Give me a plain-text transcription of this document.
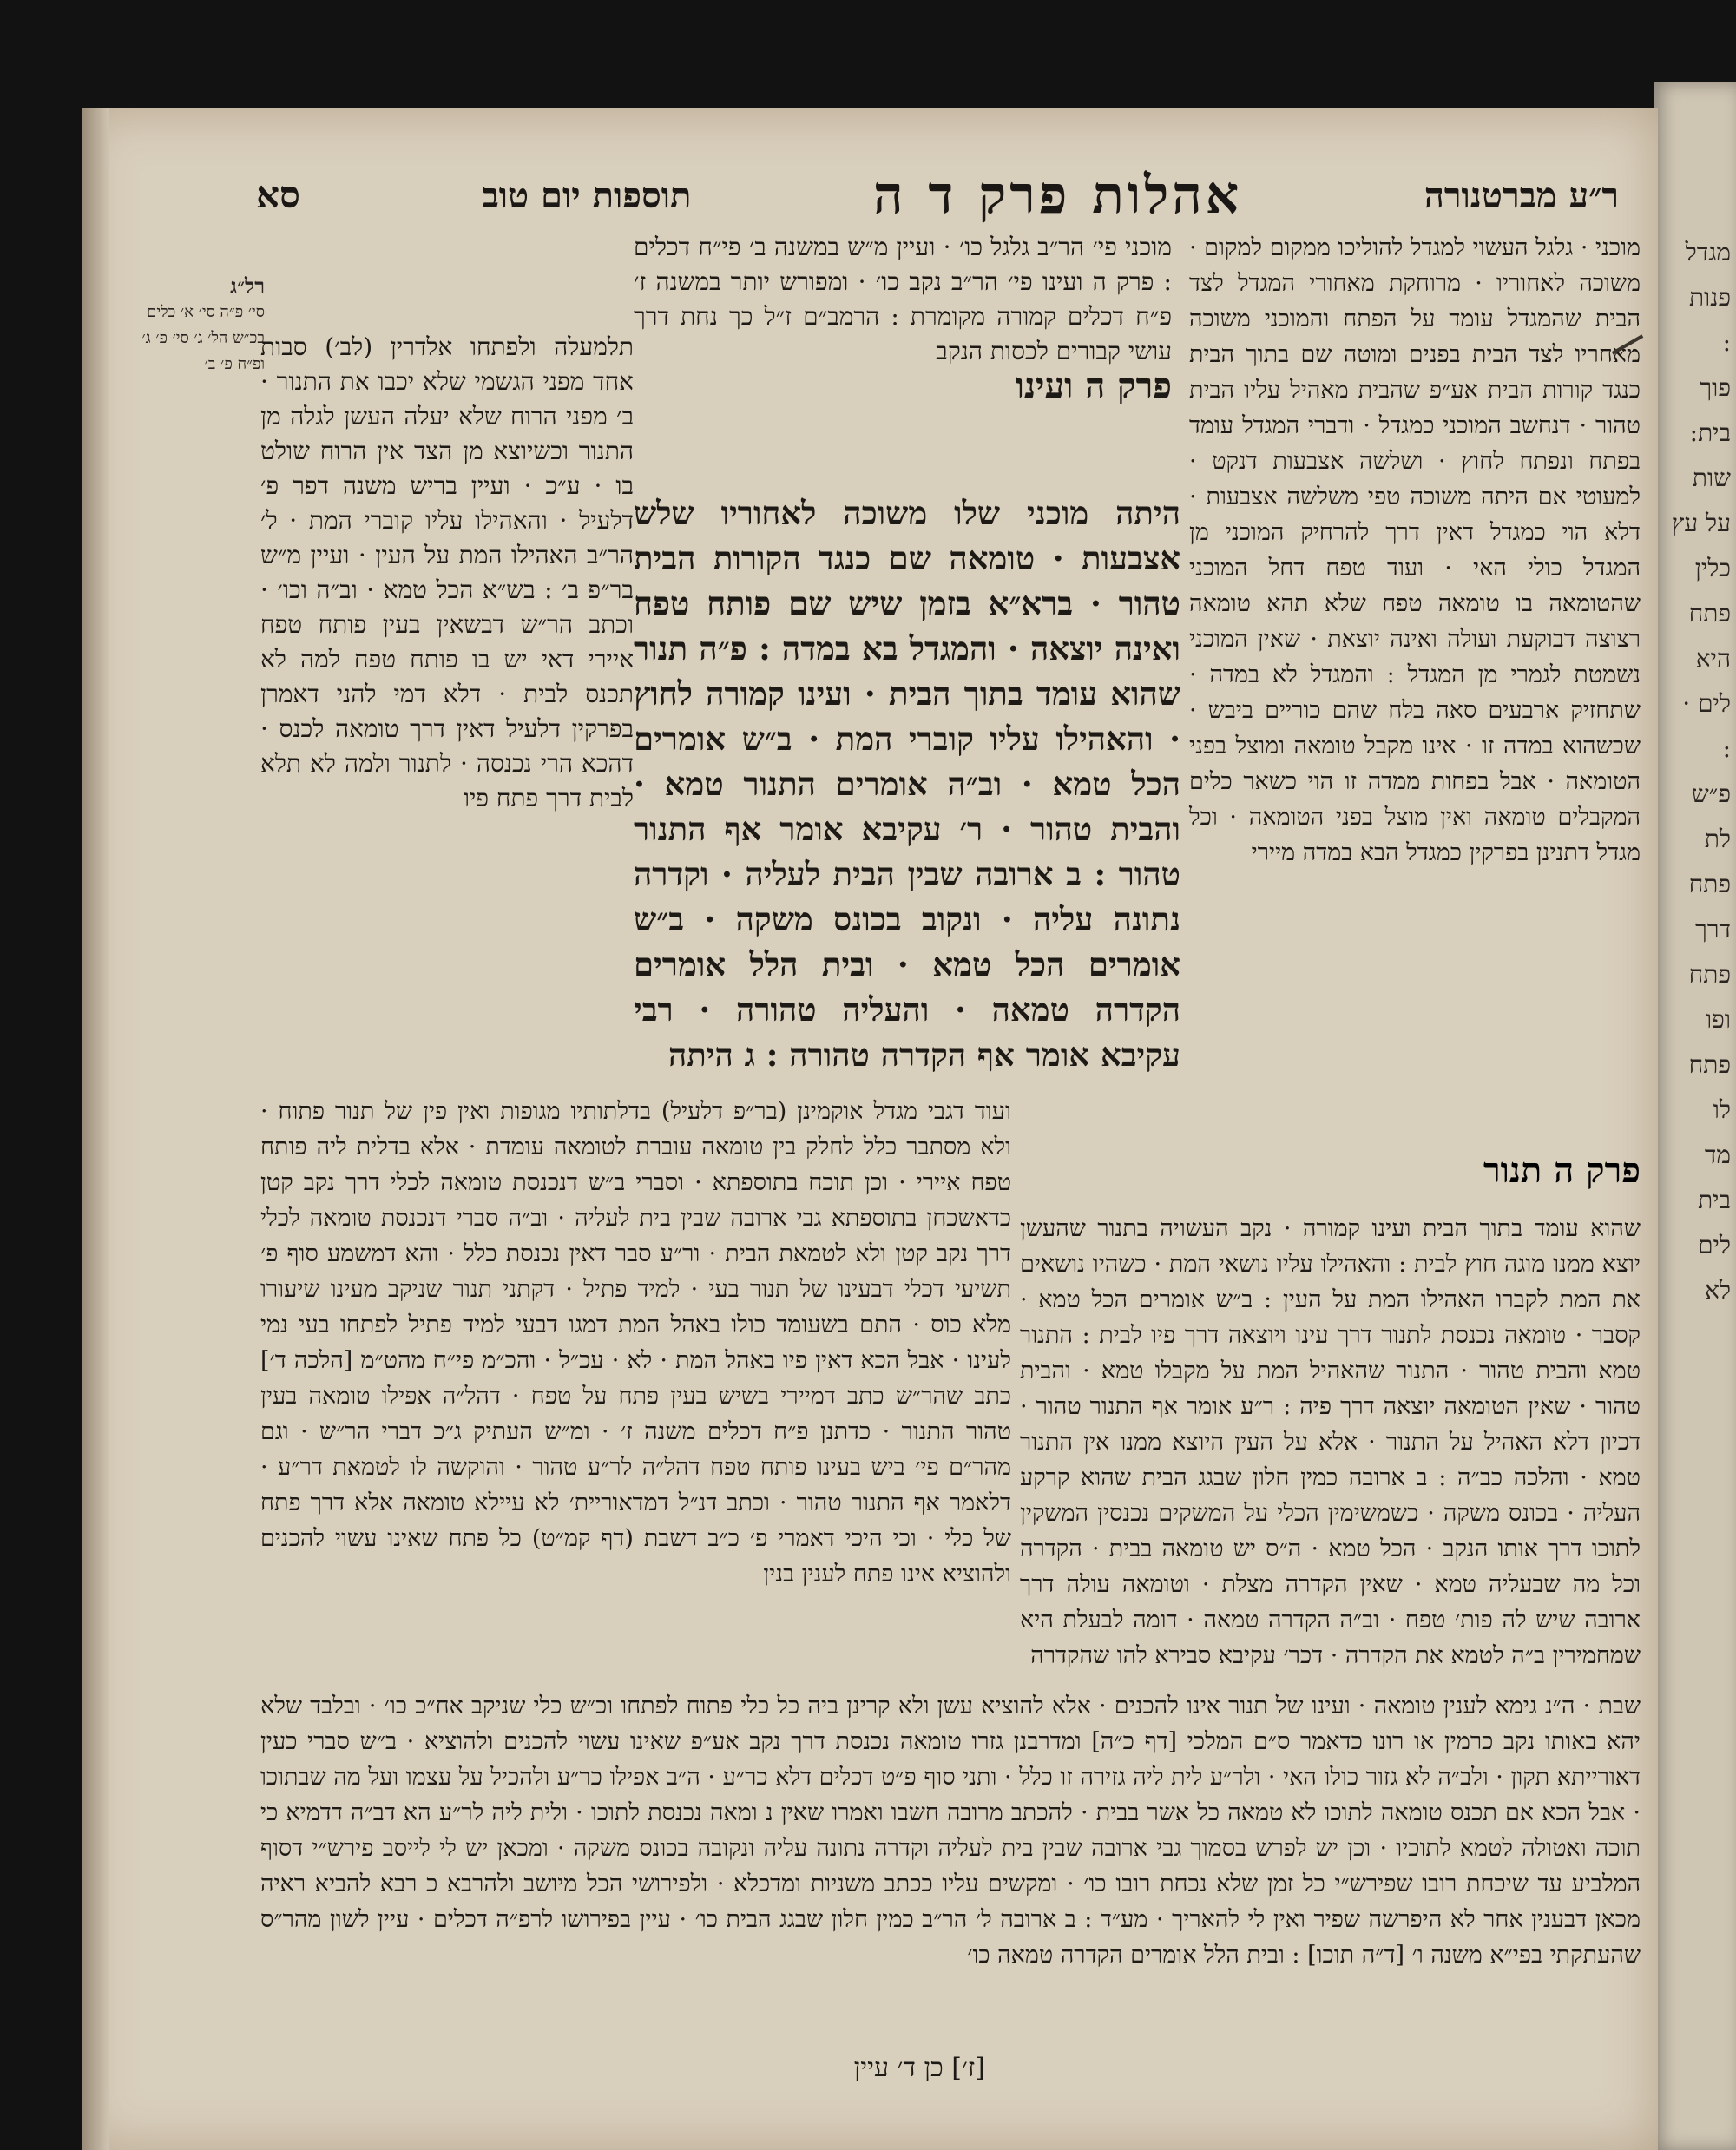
מגדל
פנות
:
פוך
בית:
שות
על עץ
כלין
פתח
היא
לים ·
:
פ״ש
לת
פתח
דרך
פתח
ופו
פתח
לו
מד
בית
לים
לא
ר״ע מברטנורה
אהלות פרק ד ה
תוספות יום טוב
סא

רל״ג

סי׳ פ״ה סי׳ א׳ כלים בכ״ש הל׳ ג׳ סי׳ פ׳ ג׳ ופ״ח פ׳ ב׳

מוכני · גלגל העשוי למגדל להוליכו ממקום למקום · משוכה לאחוריו · מרוחקת מאחורי המגדל לצד הבית שהמגדל עומד על הפתח והמוכני משוכה מאחריו לצד הבית בפנים ומוטה שם בתוך הבית כנגד קורות הבית אע״פ שהבית מאהיל עליו הבית טהור · דנחשב המוכני כמגדל · ודברי המגדל עומד בפתח ונפתח לחוץ · ושלשה אצבעות דנקט · למעוטי אם היתה משוכה טפי משלשה אצבעות · דלא הוי כמגדל דאין דרך להרחיק המוכני מן המגדל כולי האי · ועוד טפח דחל המוכני שהטומאה בו טומאה טפח שלא תהא טומאה רצוצה דבוקעת ועולה ואינה יוצאת · שאין המוכני נשמטת לגמרי מן המגדל : והמגדל לא במדה · שתחזיק ארבעים סאה בלח שהם כוריים ביבש · שכשהוא במדה זו · אינו מקבל טומאה ומוצל בפני הטומאה · אבל בפחות ממדה זו הוי כשאר כלים המקבלים טומאה ואין מוצל בפני הטומאה · וכל מגדל דתנינן בפרקין כמגדל הבא במדה מיירי

מוכני פי׳ הר״ב גלגל כו׳ · ועיין מ״ש במשנה ב׳ פי״ח דכלים : פרק ה ועינו פי׳ הר״ב נקב כו׳ · ומפורש יותר במשנה ז׳ פ״ח דכלים קמורה מקומרת : הרמב״ם ז״ל כך נחת דרך עושי קבורים לכסות הנקב

פרק ה ועינו

היתה מוכני שלו משוכה לאחוריו שלש אצבעות · טומאה שם כנגד הקורות הבית טהור · ברא״א בזמן שיש שם פותח טפח ואינה יוצאה · והמגדל בא במדה : פ״ה תנור שהוא עומד בתוך הבית · ועינו קמורה לחוץ · והאהילו עליו קוברי המת · ב״ש אומרים הכל טמא · וב״ה אומרים התנור טמא · והבית טהור · ר׳ עקיבא אומר אף התנור טהור : ב ארובה שבין הבית לעליה · וקדרה נתונה עליה · ונקוב בכונס משקה · ב״ש אומרים הכל טמא · ובית הלל אומרים הקדרה טמאה · והעליה טהורה · רבי עקיבא אומר אף הקדרה טהורה : ג היתה

תלמעלה ולפתחו אלדרין (לב׳) סבות אחד מפני הגשמי שלא יכבו את התנור · ב׳ מפני הרוח שלא יעלה העשן לגלה מן התנור וכשיוצא מן הצד אין הרוח שולט בו · ע״כ · ועיין בריש משנה דפר פ׳ דלעיל · והאהילו עליו קוברי המת · ל׳ הר״ב האהילו המת על העין · ועיין מ״ש בר״פ ב׳ : בש״א הכל טמא · וב״ה וכו׳ · וכתב הר״ש דבשאין בעין פותח טפח איירי דאי יש בו פותח טפח למה לא תכנס לבית · דלא דמי להני דאמרן בפרקין דלעיל דאין דרך טומאה לכנס · דהכא הרי נכנסה · לתנור ולמה לא תלא לבית דרך פתח פיו

פרק ה תנור

שהוא עומד בתוך הבית ועינו קמורה · נקב העשויה בתנור שהעשן יוצא ממנו מוגה חוץ לבית : והאהילו עליו נושאי המת · כשהיו נושאים את המת לקברו האהילו המת על העין : ב״ש אומרים הכל טמא · קסבר · טומאה נכנסת לתנור דרך עינו ויוצאה דרך פיו לבית : התנור טמא והבית טהור · התנור שהאהיל המת על מקבלו טמא · והבית טהור · שאין הטומאה יוצאה דרך פיה : ר״ע אומר אף התנור טהור · דכיון דלא האהיל על התנור · אלא על העין היוצא ממנו אין התנור טמא · והלכה כב״ה : ב ארובה כמין חלון שבגג הבית שהוא קרקע העליה · בכונס משקה · כשמשימין הכלי על המשקים נכנסין המשקין לתוכו דרך אותו הנקב · הכל טמא · ה״ס יש טומאה בבית · הקדרה וכל מה שבעליה טמא · שאין הקדרה מצלת · וטומאה עולה דרך ארובה שיש לה פות׳ טפח · וב״ה הקדרה טמאה · דומה לבעלת היא שמחמירין ב״ה לטמא את הקדרה · דכר׳ עקיבא סבירא להו שהקדרה

ועוד דגבי מגדל אוקמינן (בר״פ דלעיל) בדלתותיו מגופות ואין פין של תנור פתוח · ולא מסתבר כלל לחלק בין טומאה עוברת לטומאה עומדת · אלא בדלית ליה פותח טפח איירי · וכן תוכח בתוספתא · וסברי ב״ש דנכנסת טומאה לכלי דרך נקב קטן כדאשכחן בתוספתא גבי ארובה שבין בית לעליה · וב״ה סברי דנכנסת טומאה לכלי דרך נקב קטן ולא לטמאת הבית · ור״ע סבר דאין נכנסת כלל · והא דמשמע סוף פ׳ תשיעי דכלי דבעינו של תנור בעי · למיד פתיל · דקתני תנור שניקב מעינו שיעורו מלא כוס · התם בשעומד כולו באהל המת דמגו דבעי למיד פתיל לפתחו בעי נמי לעינו · אבל הכא דאין פיו באהל המת · לא · עכ״ל · והכ״מ פי״ח מהט״מ [הלכה ד׳] כתב שהר״ש כתב דמיירי בשיש בעין פתח על טפח · דהל״ה אפילו טומאה בעין טהור התנור · כדתנן פ״ח דכלים משנה ז׳ · ומ״ש העתיק ג״כ דברי הר״ש · וגם מהר״ם פי׳ ביש בעינו פותח טפח דהל״ה לר״ע טהור · והוקשה לו לטמאת דר״ע · דלאמר אף התנור טהור · וכתב דנ״ל דמדאוריית׳ לא עיילא טומאה אלא דרך פתח של כלי · וכי היכי דאמרי פ׳ כ״ב דשבת (דף קמ״ט) כל פתח שאינו עשוי להכנים ולהוציא אינו פתח לענין בנין

שבת · ה״נ גימא לענין טומאה · ועינו של תנור אינו להכנים · אלא להוציא עשן ולא קרינן ביה כל כלי פתוח לפתחו וכ״ש כלי שניקב אח״כ כו׳ · ובלבד שלא יהא באותו נקב כרמין או רונו כדאמר ס״ם המלכי [דף כ״ה] ומדרבנן גזרו טומאה נכנסת דרך נקב אע״פ שאינו עשוי להכנים ולהוציא · ב״ש סברי כעין דאורייתא תקון · ולב״ה לא גזור כולו האי · ולר״ע לית ליה גזירה זו כלל · ותני סוף פ״ט דכלים דלא כר״ע · ה״ב אפילו כר״ע ולהכיל על עצמו ועל מה שבתוכו · אבל הכא אם תכנס טומאה לתוכו לא טמאה כל אשר בבית · להכתב מרובה חשבו ואמרו שאין נ ומאה נכנסת לתוכו · ולית ליה לר״ע הא דב״ה דדמיא כי תוכה ואטולה לטמא לתוכיו · וכן יש לפרש בסמוך גבי ארובה שבין בית לעליה וקדרה נתונה עליה ונקובה בכונס משקה · ומכאן יש לי לייסב פירש״י דסוף המלביע עד שיכחת רובו שפירש״י כל זמן שלא נכחת רובו כו׳ · ומקשים עליו ככתב משניות ומדכלא · ולפירושי הכל מיושב ולהרבא כ רבא להביא ראיה מכאן דבענין אחר לא היפרשה שפיר ואין לי להאריך · מע״ד : ב ארובה ל׳ הר״ב כמין חלון שבגג הבית כו׳ · עיין בפירושו לרפ״ה דכלים · עיין לשון מהר״ס שהעתקתי בפי״א משנה ו׳ [ד״ה תוכו] : ובית הלל אומרים הקדרה טמאה כו׳

[ז׳] כן ד׳ עיין
